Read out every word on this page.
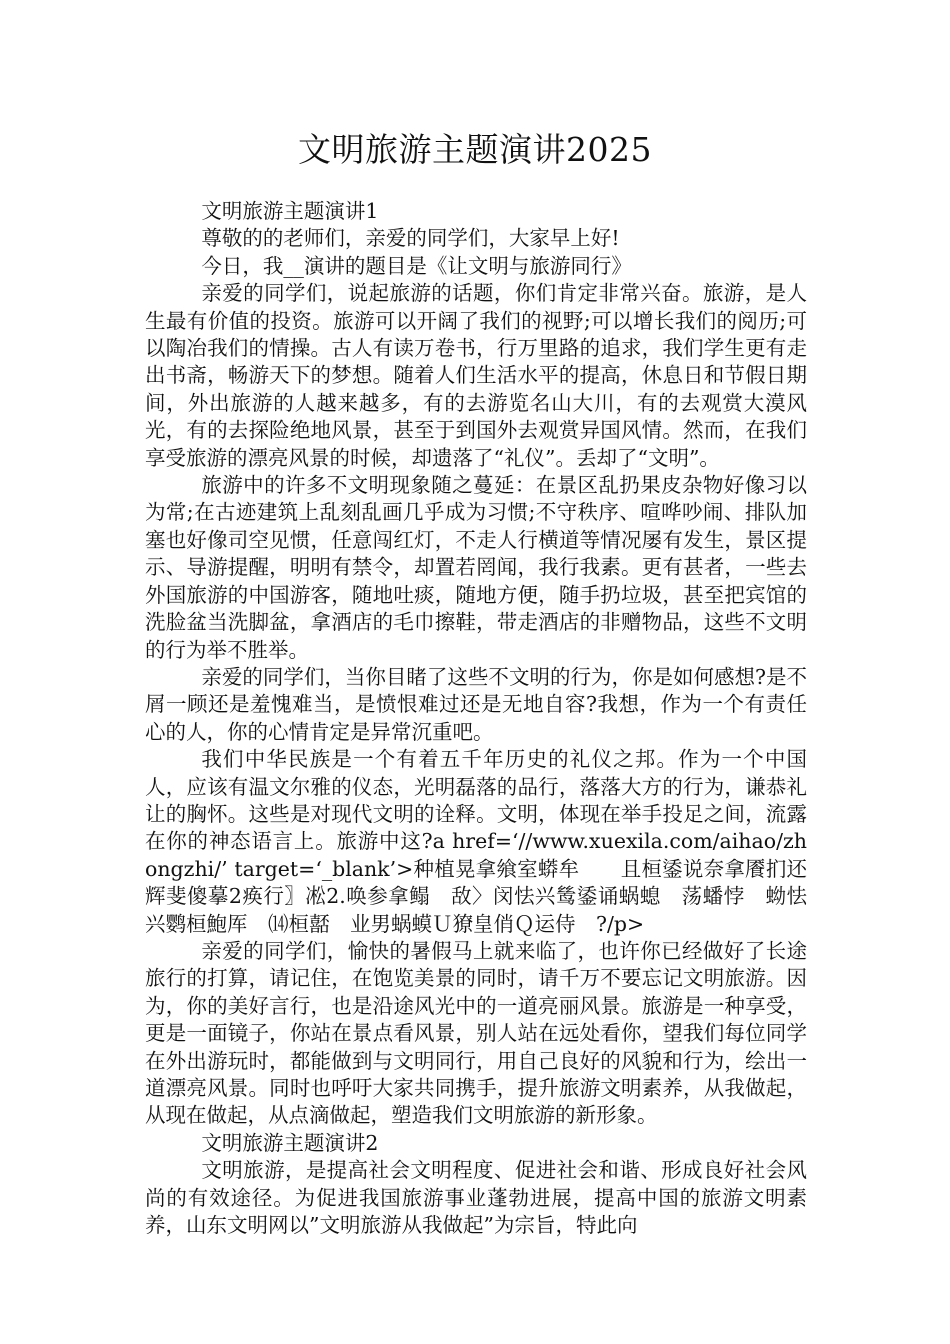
文明旅游主题演讲2025

文明旅游主题演讲1

尊敬的的老师们，亲爱的同学们，大家早上好!

今日，我__演讲的题目是《让文明与旅游同行》

亲爱的同学们，说起旅游的话题，你们肯定非常兴奋。旅游，是人生最有价值的投资。旅游可以开阔了我们的视野;可以增长我们的阅历;可以陶冶我们的情操。古人有读万卷书，行万里路的追求，我们学生更有走出书斋，畅游天下的梦想。随着人们生活水平的提高，休息日和节假日期间，外出旅游的人越来越多，有的去游览名山大川，有的去观赏大漠风光，有的去探险绝地风景，甚至于到国外去观赏异国风情。然而，在我们享受旅游的漂亮风景的时候，却遗落了“礼仪”。丢却了“文明”。

旅游中的许多不文明现象随之蔓延：在景区乱扔果皮杂物好像习以为常;在古迹建筑上乱刻乱画几乎成为习惯;不守秩序、喧哗吵闹、排队加塞也好像司空见惯，任意闯红灯，不走人行横道等情况屡有发生，景区提示、导游提醒，明明有禁令，却置若罔闻，我行我素。更有甚者，一些去外国旅游的中国游客，随地吐痰，随地方便，随手扔垃圾，甚至把宾馆的洗脸盆当洗脚盆，拿酒店的毛巾擦鞋，带走酒店的非赠物品，这些不文明的行为举不胜举。

亲爱的同学们，当你目睹了这些不文明的行为，你是如何感想?是不屑一顾还是羞愧难当，是愤恨难过还是无地自容?我想，作为一个有责任心的人，你的心情肯定是异常沉重吧。

我们中华民族是一个有着五千年历史的礼仪之邦。作为一个中国人，应该有温文尔雅的仪态，光明磊落的品行，落落大方的行为，谦恭礼让的胸怀。这些是对现代文明的诠释。文明，体现在举手投足之间，流露在你的神态语言上。旅游中这?a href=‘//www.xuexila.com/aihao/zhongzhi/’ target=‘_blank’>种植晃拿飨室蟒牟　　且桓鋈说奈拿餍扪还辉斐傻摹2痪行〗凇2.唤参拿鳎　敌〉闵怯兴鸶鋈诵蜗螅　荡蟠悖　蚴怯兴鹦桓鮑厍　⒁桓嚭　业男蜗蟆Ｕ獠皇俏Ｑ运侍　?/p>

亲爱的同学们，愉快的暑假马上就来临了，也许你已经做好了长途旅行的打算，请记住，在饱览美景的同时，请千万不要忘记文明旅游。因为，你的美好言行，也是沿途风光中的一道亮丽风景。旅游是一种享受，更是一面镜子，你站在景点看风景，别人站在远处看你，望我们每位同学在外出游玩时，都能做到与文明同行，用自己良好的风貌和行为，绘出一道漂亮风景。同时也呼吁大家共同携手，提升旅游文明素养，从我做起，从现在做起，从点滴做起，塑造我们文明旅游的新形象。

文明旅游主题演讲2

文明旅游，是提高社会文明程度、促进社会和谐、形成良好社会风尚的有效途径。为促进我国旅游事业蓬勃进展，提高中国的旅游文明素养，山东文明网以”文明旅游从我做起”为宗旨，特此向
